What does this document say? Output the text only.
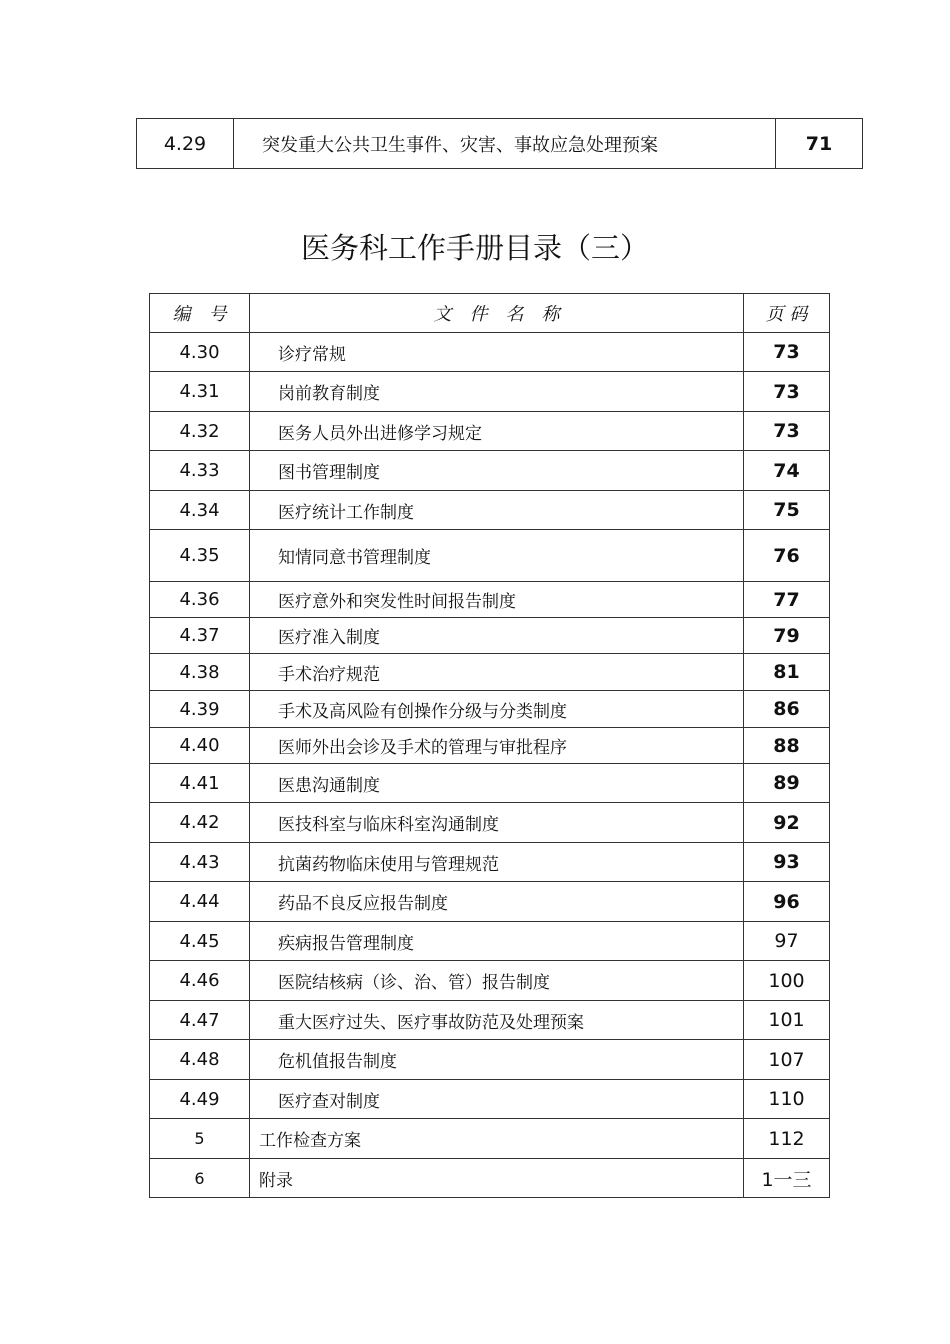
4.29	突发重大公共卫生事件、灾害、事故应急处理预案	71
医务科工作手册目录（三）
编　号	文　件　名　称	页 码
4.30	诊疗常规	73
4.31	岗前教育制度	73
4.32	医务人员外出进修学习规定	73
4.33	图书管理制度	74
4.34	医疗统计工作制度	75
4.35	知情同意书管理制度	76
4.36	医疗意外和突发性时间报告制度	77
4.37	医疗准入制度	79
4.38	手术治疗规范	81
4.39	手术及高风险有创操作分级与分类制度	86
4.40	医师外出会诊及手术的管理与审批程序	88
4.41	医患沟通制度	89
4.42	医技科室与临床科室沟通制度	92
4.43	抗菌药物临床使用与管理规范	93
4.44	药品不良反应报告制度	96
4.45	疾病报告管理制度	97
4.46	医院结核病（诊、治、管）报告制度	100
4.47	重大医疗过失、医疗事故防范及处理预案	101
4.48	危机值报告制度	107
4.49	医疗查对制度	110
5	工作检查方案	112
6	附录	1一三
